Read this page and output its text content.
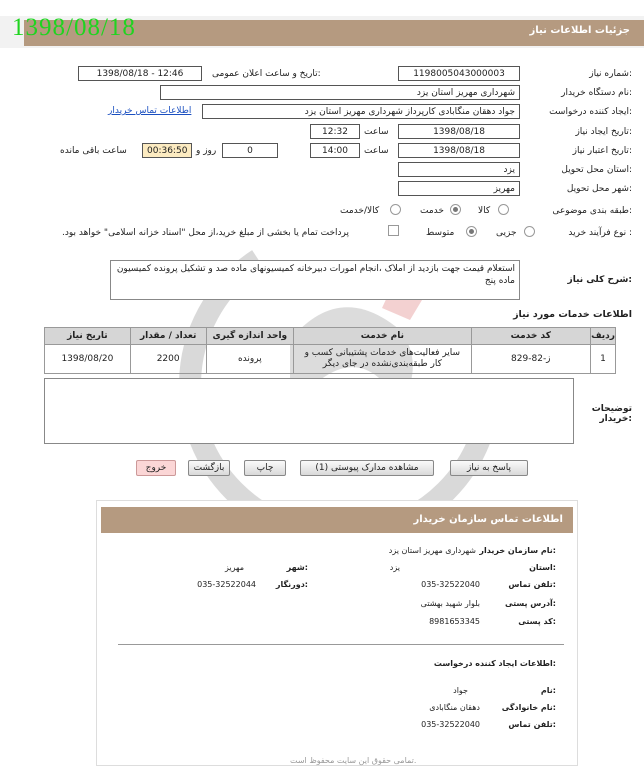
جزئیات اطلاعات نیاز
1398/08/18
شماره نیاز:
1198005043000003
تاریخ و ساعت اعلان عمومی:
1398/08/18 - 12:46
نام دستگاه خریدار:
شهرداری مهریز استان یزد
ایجاد کننده درخواست:
جواد دهقان منگابادی کارپرداز شهرداری مهریز استان یزد
اطلاعات تماس خریدار
تاریخ ایجاد نیاز:
1398/08/18
ساعت
12:32
تاریخ اعتبار نیاز:
1398/08/18
ساعت
14:00
0
روز و
00:36:50
ساعت باقی مانده
استان محل تحویل:
یزد
شهر محل تحویل:
مهریز
طبقه بندی موضوعی:
کالا
خدمت
کالا/خدمت
نوع فرآیند خرید :
جزیی
متوسط
پرداخت تمام یا بخشی از مبلغ خرید،از محل "اسناد خزانه اسلامی" خواهد بود.
شرح کلی نیاز:
استعلام قیمت جهت بازدید از املاک ،انجام امورات دبیرخانه کمیسیونهای ماده صد و تشکیل پرونده کمیسیون ماده پنج
اطلاعات خدمات مورد نیاز
تاریخ نیاز	تعداد / مقدار	واحد اندازه گیری	نام خدمت	کد خدمت	ردیف
1398/08/20	2200	پرونده	سایر فعالیت‌های خدمات پشتیبانی کسب و کار طبقه‌بندی‌نشده در جای دیگر	ز-82-829	1
توضیحات خریدار:
پاسخ به نیاز
مشاهده مدارک پیوستی (1)
چاپ
بازگشت
خروج
اطلاعات تماس سازمان خریدار
نام سازمان خریدار:
شهرداری مهریز استان یزد
استان:
یزد
شهر:
مهریز
تلفن تماس:
035-32522040
دورنگار:
035-32522044
آدرس پستی:
بلوار شهید بهشتی
کد پستی:
8981653345
اطلاعات ایجاد کننده درخواست:
نام:
جواد
نام خانوادگی:
دهقان منگابادی
تلفن تماس:
035-32522040
تمامی حقوق این سایت محفوظ است.
